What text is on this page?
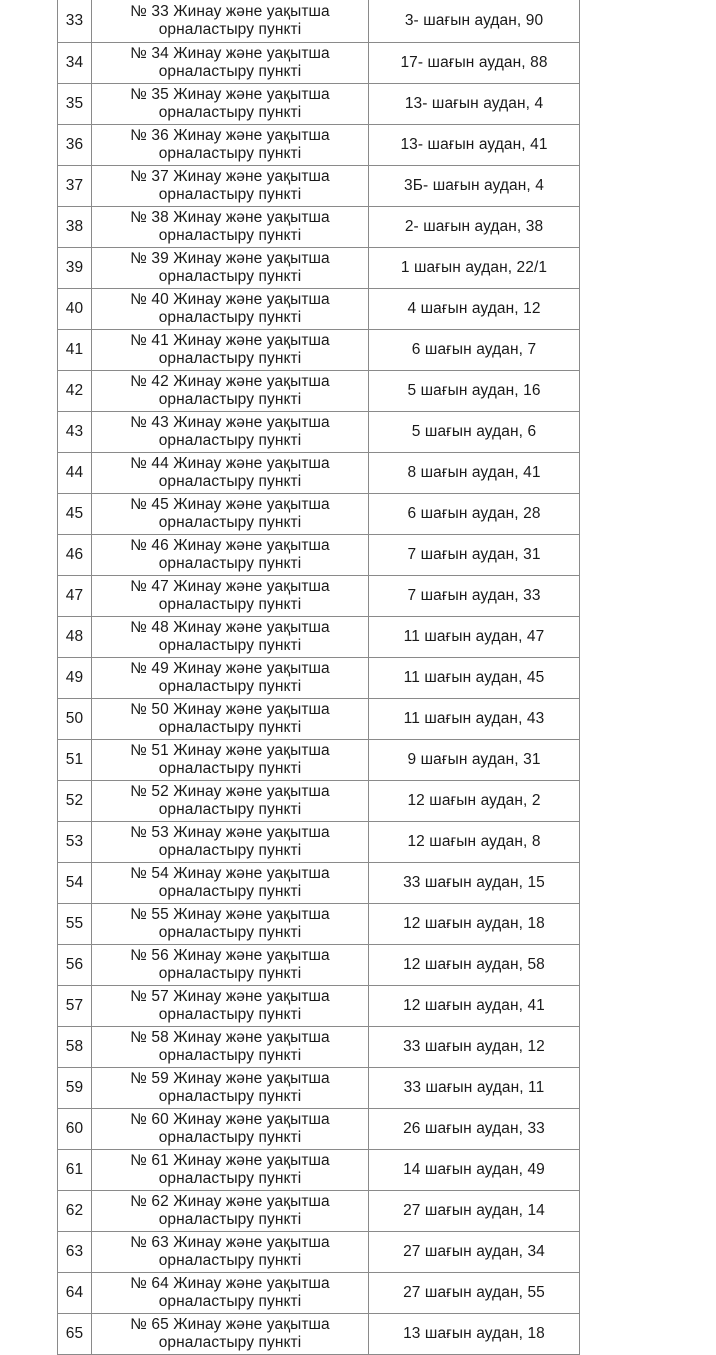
33	№ 33 Жинау және уақытша
орналастыру пункті	3- шағын аудан, 90
34	№ 34 Жинау және уақытша
орналастыру пункті	17- шағын аудан, 88
35	№ 35 Жинау және уақытша
орналастыру пункті	13- шағын аудан, 4
36	№ 36 Жинау және уақытша
орналастыру пункті	13- шағын аудан, 41
37	№ 37 Жинау және уақытша
орналастыру пункті	3Б- шағын аудан, 4
38	№ 38 Жинау және уақытша
орналастыру пункті	2- шағын аудан, 38
39	№ 39 Жинау және уақытша
орналастыру пункті	1 шағын аудан, 22/1
40	№ 40 Жинау және уақытша
орналастыру пункті	4 шағын аудан, 12
41	№ 41 Жинау және уақытша
орналастыру пункті	6 шағын аудан, 7
42	№ 42 Жинау және уақытша
орналастыру пункті	5 шағын аудан, 16
43	№ 43 Жинау және уақытша
орналастыру пункті	5 шағын аудан, 6
44	№ 44 Жинау және уақытша
орналастыру пункті	8 шағын аудан, 41
45	№ 45 Жинау және уақытша
орналастыру пункті	6 шағын аудан, 28
46	№ 46 Жинау және уақытша
орналастыру пункті	7 шағын аудан, 31
47	№ 47 Жинау және уақытша
орналастыру пункті	7 шағын аудан, 33
48	№ 48 Жинау және уақытша
орналастыру пункті	11 шағын аудан, 47
49	№ 49 Жинау және уақытша
орналастыру пункті	11 шағын аудан, 45
50	№ 50 Жинау және уақытша
орналастыру пункті	11 шағын аудан, 43
51	№ 51 Жинау және уақытша
орналастыру пункті	9 шағын аудан, 31
52	№ 52 Жинау және уақытша
орналастыру пункті	12 шағын аудан, 2
53	№ 53 Жинау және уақытша
орналастыру пункті	12 шағын аудан, 8
54	№ 54 Жинау және уақытша
орналастыру пункті	33 шағын аудан, 15
55	№ 55 Жинау және уақытша
орналастыру пункті	12 шағын аудан, 18
56	№ 56 Жинау және уақытша
орналастыру пункті	12 шағын аудан, 58
57	№ 57 Жинау және уақытша
орналастыру пункті	12 шағын аудан, 41
58	№ 58 Жинау және уақытша
орналастыру пункті	33 шағын аудан, 12
59	№ 59 Жинау және уақытша
орналастыру пункті	33 шағын аудан, 11
60	№ 60 Жинау және уақытша
орналастыру пункті	26 шағын аудан, 33
61	№ 61 Жинау және уақытша
орналастыру пункті	14 шағын аудан, 49
62	№ 62 Жинау және уақытша
орналастыру пункті	27 шағын аудан, 14
63	№ 63 Жинау және уақытша
орналастыру пункті	27 шағын аудан, 34
64	№ 64 Жинау және уақытша
орналастыру пункті	27 шағын аудан, 55
65	№ 65 Жинау және уақытша
орналастыру пункті	13 шағын аудан, 18
